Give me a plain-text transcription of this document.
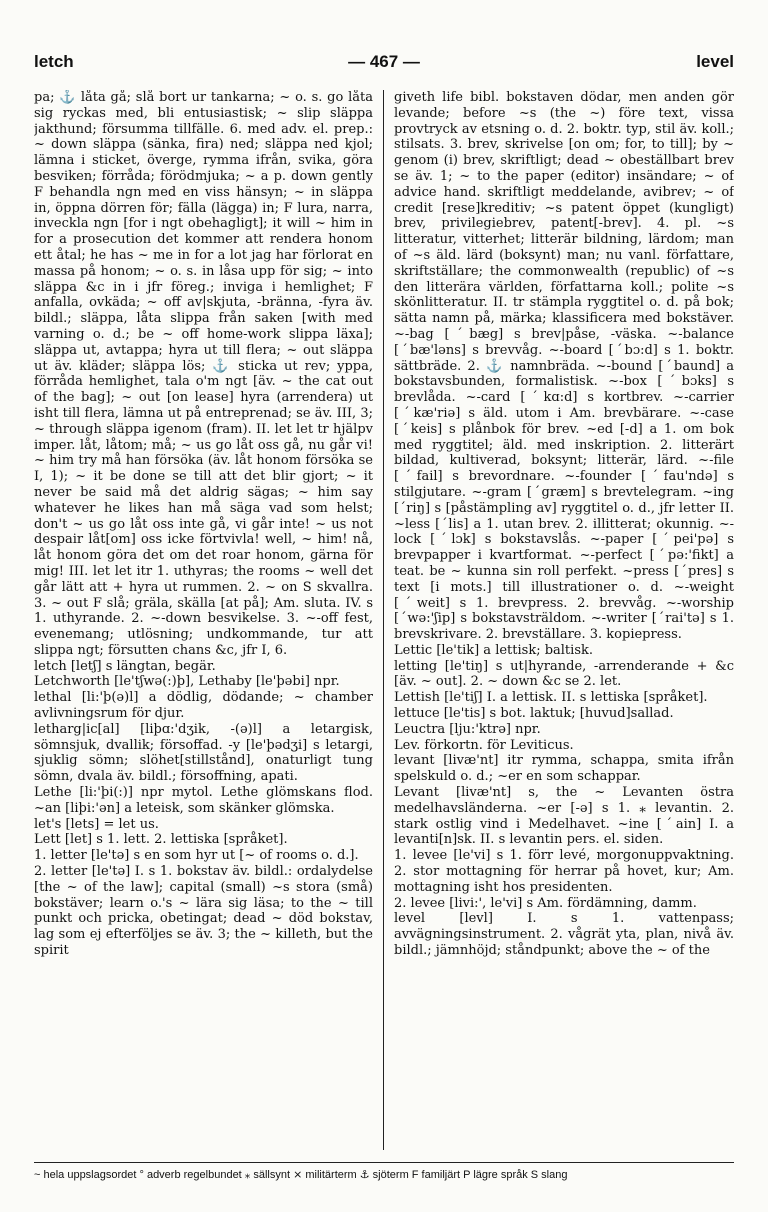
letch	— 467 —	level

pa; ⚓ låta gå; slå bort ur tankarna; ~ o. s. go låta sig ryckas med, bli entusiastisk; ~ slip släppa jakthund; försumma tillfälle. 6. med adv. el. prep.: ~ down släppa (sänka, fira) ned; släppa ned kjol; lämna i sticket, överge, rymma ifrån, svika, göra besviken; förråda; förödmjuka; ~ a p. down gently F behandla ngn med en viss hänsyn; ~ in släppa in, öppna dörren för; fälla (lägga) in; F lura, narra, inveckla ngn [for i ngt obehagligt]; it will ~ him in for a prosecution det kommer att rendera honom ett åtal; he has ~ me in for a lot jag har förlorat en massa på honom; ~ o. s. in låsa upp för sig; ~ into släppa &c in i jfr föreg.; inviga i hemlighet; F anfalla, ovkäda; ~ off av|skjuta, -bränna, -fyra äv. bildl.; släppa, låta slippa från saken [with med varning o. d.; be ~ off home-work slippa läxa]; släppa ut, avtappa; hyra ut till flera; ~ out släppa ut äv. kläder; släppa lös; ⚓ sticka ut rev; yppa, förråda hemlighet, tala o'm ngt [äv. ~ the cat out of the bag]; ~ out [on lease] hyra (arrendera) ut isht till flera, lämna ut på entreprenad; se äv. III, 3; ~ through släppa igenom (fram). II. let let tr hjälpv imper. låt, låtom; må; ~ us go låt oss gå, nu går vi! ~ him try må han försöka (äv. låt honom försöka se I, 1); ~ it be done se till att det blir gjort; ~ it never be said må det aldrig sägas; ~ him say whatever he likes han må säga vad som helst; don't ~ us go låt oss inte gå, vi går inte! ~ us not despair låt[om] oss icke förtvivla! well, ~ him! nå, låt honom göra det om det roar honom, gärna för mig! III. let let itr 1. uthyras; the rooms ~ well det går lätt att + hyra ut rummen. 2. ~ on S skvallra. 3. ~ out F slå; gräla, skälla [at på]; Am. sluta. IV. s 1. uthyrande. 2. ~-down besvikelse. 3. ~-off fest, evenemang; utlösning; undkommande, tur att slippa ngt; försutten chans &c, jfr I, 6.

letch [letʃ] s längtan, begär.

Letchworth [le'tʃwə(:)þ], Lethaby [le'þəbi] npr.

lethal [li:'þ(ə)l] a dödlig, dödande; ~ chamber avlivningsrum för djur.

letharg|ic[al] [liþɑ:'dʒik, -(ə)l] a letargisk, sömnsjuk, dvallik; försoffad. -y [le'þədʒi] s letargi, sjuklig sömn; slöhet[stillstånd], onaturligt tung sömn, dvala äv. bildl.; försoffning, apati.

Lethe [li:'þi(:)] npr mytol. Lethe glömskans flod. ~an [liþi:'ən] a leteisk, som skänker glömska.

let's [lets] = let us.

Lett [let] s 1. lett. 2. lettiska [språket].

1. letter [le'tə] s en som hyr ut [~ of rooms o. d.].

2. letter [le'tə] I. s 1. bokstav äv. bildl.: ordalydelse [the ~ of the law]; capital (small) ~s stora (små) bokstäver; learn o.'s ~ lära sig läsa; to the ~ till punkt och pricka, obetingat; dead ~ död bokstav, lag som ej efterföljes se äv. 3; the ~ killeth, but the spirit

giveth life bibl. bokstaven dödar, men anden gör levande; before ~s (the ~) före text, vissa provtryck av etsning o. d. 2. boktr. typ, stil äv. koll.; stilsats. 3. brev, skrivelse [on om; for, to till]; by ~ genom (i) brev, skriftligt; dead ~ obeställbart brev se äv. 1; ~ to the paper (editor) insändare; ~ of advice hand. skriftligt meddelande, avibrev; ~ of credit [rese]kreditiv; ~s patent öppet (kungligt) brev, privilegiebrev, patent[-brev]. 4. pl. ~s litteratur, vitterhet; litterär bildning, lärdom; man of ~s äld. lärd (boksynt) man; nu vanl. författare, skriftställare; the commonwealth (republic) of ~s den litterära världen, författarna koll.; polite ~s skönlitteratur. II. tr stämpla ryggtitel o. d. på bok; sätta namn på, märka; klassificera med bokstäver. ~-bag [ˊbæg] s brev|påse, -väska. ~-balance [ˊbæ'ləns] s brevvåg. ~-board [ˊbɔ:d] s 1. boktr. sättbräde. 2. ⚓ namnbräda. ~-bound [ˊbaund] a bokstavsbunden, formalistisk. ~-box [ˊbɔks] s brevlåda. ~-card [ˊkɑ:d] s kortbrev. ~-carrier [ˊkæ'riə] s äld. utom i Am. brevbärare. ~-case [ˊkeis] s plånbok för brev. ~ed [-d] a 1. om bok med ryggtitel; äld. med inskription. 2. litterärt bildad, kultiverad, boksynt; litterär, lärd. ~-file [ˊfail] s brevordnare. ~-founder [ˊfau'ndə] s stilgjutare. ~-gram [ˊgræm] s brevtelegram. ~ing [ˊriŋ] s [påstämpling av] ryggtitel o. d., jfr letter II. ~less [ˊlis] a 1. utan brev. 2. illitterat; okunnig. ~-lock [ˊlɔk] s bokstavslås. ~-paper [ˊpei'pə] s brevpapper i kvartformat. ~-perfect [ˊpə:'fikt] a teat. be ~ kunna sin roll perfekt. ~press [ˊpres] s text [i mots.] till illustrationer o. d. ~-weight [ˊweit] s 1. brevpress. 2. brevvåg. ~-worship [ˊwə:'ʃip] s bokstavsträldom. ~-writer [ˊrai'tə] s 1. brevskrivare. 2. brevställare. 3. kopiepress.

Lettic [le'tik] a lettisk; baltisk.

letting [le'tiŋ] s ut|hyrande, -arrenderande + &c [äv. ~ out]. 2. ~ down &c se 2. let.

Lettish [le'tiʃ] I. a lettisk. II. s lettiska [språket].

lettuce [le'tis] s bot. laktuk; [huvud]sallad.

Leuctra [lju:'ktrə] npr.

Lev. förkortn. för Leviticus.

levant [livæ'nt] itr rymma, schappa, smita ifrån spelskuld o. d.; ~er en som schappar.

Levant [livæ'nt] s, the ~ Levanten östra medelhavsländerna. ~er [-ə] s 1. ⁎ levantin. 2. stark ostlig vind i Medelhavet. ~ine [ˊain] I. a levanti[n]sk. II. s levantin pers. el. siden.

1. levee [le'vi] s 1. förr levé, morgonuppvaktning. 2. stor mottagning för herrar på hovet, kur; Am. mottagning isht hos presidenten.

2. levee [livi:', le'vi] s Am. fördämning, damm.

level [levl] I. s 1. vattenpass; avvägningsinstrument. 2. vågrät yta, plan, nivå äv. bildl.; jämnhöjd; ståndpunkt; above the ~ of the

~ hela uppslagsordet ° adverb regelbundet ⁎ sällsynt ⨯ militärterm ⚓ sjöterm F familjärt P lägre språk S slang
